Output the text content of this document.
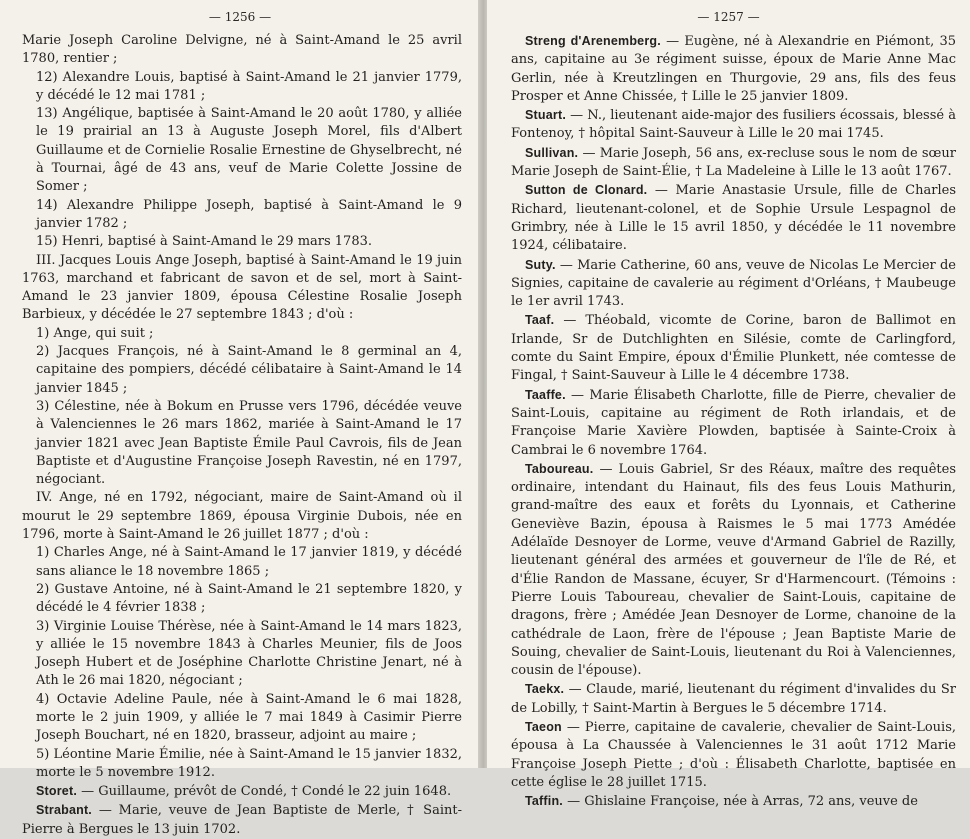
— 1256 —

Marie Joseph Caroline Delvigne, né à Saint-Amand le 25 avril 1780, rentier ;

12) Alexandre Louis, baptisé à Saint-Amand le 21 janvier 1779, y décédé le 12 mai 1781 ;

13) Angélique, baptisée à Saint-Amand le 20 août 1780, y alliée le 19 prairial an 13 à Auguste Joseph Morel, fils d'Albert Guillaume et de Cornielie Rosalie Ernestine de Ghyselbrecht, né à Tournai, âgé de 43 ans, veuf de Marie Colette Jossine de Somer ;

14) Alexandre Philippe Joseph, baptisé à Saint-Amand le 9 janvier 1782 ;

15) Henri, baptisé à Saint-Amand le 29 mars 1783.

III. Jacques Louis Ange Joseph, baptisé à Saint-Amand le 19 juin 1763, marchand et fabricant de savon et de sel, mort à Saint-Amand le 23 janvier 1809, épousa Célestine Rosalie Joseph Barbieux, y décédée le 27 septembre 1843 ; d'où :

1) Ange, qui suit ;

2) Jacques François, né à Saint-Amand le 8 germinal an 4, capitaine des pompiers, décédé célibataire à Saint-Amand le 14 janvier 1845 ;

3) Célestine, née à Bokum en Prusse vers 1796, décédée veuve à Valenciennes le 26 mars 1862, mariée à Saint-Amand le 17 janvier 1821 avec Jean Baptiste Émile Paul Cavrois, fils de Jean Baptiste et d'Augustine Françoise Joseph Ravestin, né en 1797, négociant.

IV. Ange, né en 1792, négociant, maire de Saint-Amand où il mourut le 29 septembre 1869, épousa Virginie Dubois, née en 1796, morte à Saint-Amand le 26 juillet 1877 ; d'où :

1) Charles Ange, né à Saint-Amand le 17 janvier 1819, y décédé sans aliance le 18 novembre 1865 ;

2) Gustave Antoine, né à Saint-Amand le 21 septembre 1820, y décédé le 4 février 1838 ;

3) Virginie Louise Thérèse, née à Saint-Amand le 14 mars 1823, y alliée le 15 novembre 1843 à Charles Meunier, fils de Joos Joseph Hubert et de Joséphine Charlotte Christine Jenart, né à Ath le 26 mai 1820, négociant ;

4) Octavie Adeline Paule, née à Saint-Amand le 6 mai 1828, morte le 2 juin 1909, y alliée le 7 mai 1849 à Casimir Pierre Joseph Bouchart, né en 1820, brasseur, adjoint au maire ;

5) Léontine Marie Émilie, née à Saint-Amand le 15 janvier 1832, morte le 5 novembre 1912.

Storet. — Guillaume, prévôt de Condé, † Condé le 22 juin 1648.

Strabant. — Marie, veuve de Jean Baptiste de Merle, † Saint-Pierre à Bergues le 13 juin 1702.

— 1257 —

Streng d'Arenemberg. — Eugène, né à Alexandrie en Piémont, 35 ans, capitaine au 3e régiment suisse, époux de Marie Anne Mac Gerlin, née à Kreutzlingen en Thurgovie, 29 ans, fils des feus Prosper et Anne Chissée, † Lille le 25 janvier 1809.

Stuart. — N., lieutenant aide-major des fusiliers écossais, blessé à Fontenoy, † hôpital Saint-Sauveur à Lille le 20 mai 1745.

Sullivan. — Marie Joseph, 56 ans, ex-recluse sous le nom de sœur Marie Joseph de Saint-Élie, † La Madeleine à Lille le 13 août 1767.

Sutton de Clonard. — Marie Anastasie Ursule, fille de Charles Richard, lieutenant-colonel, et de Sophie Ursule Lespagnol de Grimbry, née à Lille le 15 avril 1850, y décédée le 11 novembre 1924, célibataire.

Suty. — Marie Catherine, 60 ans, veuve de Nicolas Le Mercier de Signies, capitaine de cavalerie au régiment d'Orléans, † Maubeuge le 1er avril 1743.

Taaf. — Théobald, vicomte de Corine, baron de Ballimot en Irlande, Sr de Dutchlighten en Silésie, comte de Carlingford, comte du Saint Empire, époux d'Émilie Plunkett, née comtesse de Fingal, † Saint-Sauveur à Lille le 4 décembre 1738.

Taaffe. — Marie Élisabeth Charlotte, fille de Pierre, chevalier de Saint-Louis, capitaine au régiment de Roth irlandais, et de Françoise Marie Xavière Plowden, baptisée à Sainte-Croix à Cambrai le 6 novembre 1764.

Taboureau. — Louis Gabriel, Sr des Réaux, maître des requêtes ordinaire, intendant du Hainaut, fils des feus Louis Mathurin, grand-maître des eaux et forêts du Lyonnais, et Catherine Geneviève Bazin, épousa à Raismes le 5 mai 1773 Amédée Adélaïde Desnoyer de Lorme, veuve d'Armand Gabriel de Razilly, lieutenant général des armées et gouverneur de l'île de Ré, et d'Élie Randon de Massane, écuyer, Sr d'Harmencourt. (Témoins : Pierre Louis Taboureau, chevalier de Saint-Louis, capitaine de dragons, frère ; Amédée Jean Desnoyer de Lorme, chanoine de la cathédrale de Laon, frère de l'épouse ; Jean Baptiste Marie de Souing, chevalier de Saint-Louis, lieutenant du Roi à Valenciennes, cousin de l'épouse).

Taekx. — Claude, marié, lieutenant du régiment d'invalides du Sr de Lobilly, † Saint-Martin à Bergues le 5 décembre 1714.

Taeon — Pierre, capitaine de cavalerie, chevalier de Saint-Louis, épousa à La Chaussée à Valenciennes le 31 août 1712 Marie Françoise Joseph Piette ; d'où : Élisabeth Charlotte, baptisée en cette église le 28 juillet 1715.

Taffin. — Ghislaine Françoise, née à Arras, 72 ans, veuve de
